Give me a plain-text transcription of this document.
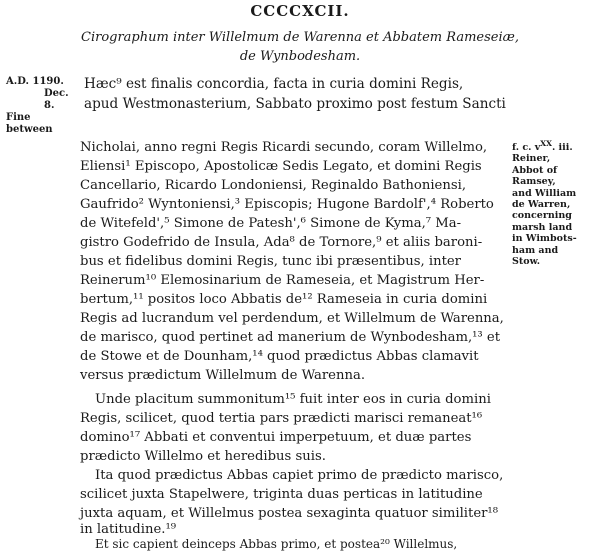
CCCCXCII.
Cirographum inter Willelmum de Warenna et Abbatem Rameseiæ,
de Wynbodesham.
A.D. 1190.
Dec. 8.
Fine
between
f. c. $v^{XX}$. iii.
Reiner,
Abbot of
Ramsey,
and William
de Warren,
concerning
marsh land
in Wimbots-
ham and
Stow.
Hæc⁹ est finalis concordia, facta in curia domini Regis,
apud Westmonasterium, Sabbato proximo post festum Sancti
Nicholai, anno regni Regis Ricardi secundo, coram Willelmo,
Eliensi¹ Episcopo, Apostolicæ Sedis Legato, et domini Regis
Cancellario, Ricardo Londoniensi, Reginaldo Bathoniensi,
Gaufrido² Wyntoniensi,³ Episcopis; Hugone Bardolf',⁴ Roberto
de Witefeld',⁵ Simone de Patesh',⁶ Simone de Kyma,⁷ Ma-
gistro Godefrido de Insula, Ada⁸ de Tornore,⁹ et aliis baroni-
bus et fidelibus domini Regis, tunc ibi præsentibus, inter
Reinerum¹⁰ Elemosinarium de Rameseia, et Magistrum Her-
bertum,¹¹ positos loco Abbatis de¹² Rameseia in curia domini
Regis ad lucrandum vel perdendum, et Willelmum de Warenna,
de marisco, quod pertinet ad manerium de Wynbodesham,¹³ et
de Stowe et de Dounham,¹⁴ quod prædictus Abbas clamavit
versus prædictum Willelmum de Warenna.
Unde placitum summonitum¹⁵ fuit inter eos in curia domini
Regis, scilicet, quod tertia pars prædicti marisci remaneat¹⁶
domino¹⁷ Abbati et conventui imperpetuum, et duæ partes
prædicto Willelmo et heredibus suis.
Ita quod prædictus Abbas capiet primo de prædicto marisco,
scilicet juxta Stapelwere, triginta duas perticas in latitudine
juxta aquam, et Willelmus postea sexaginta quatuor similiter¹⁸
in latitudine.¹⁹
Et sic capient deinceps Abbas primo, et postea²⁰ Willelmus,
